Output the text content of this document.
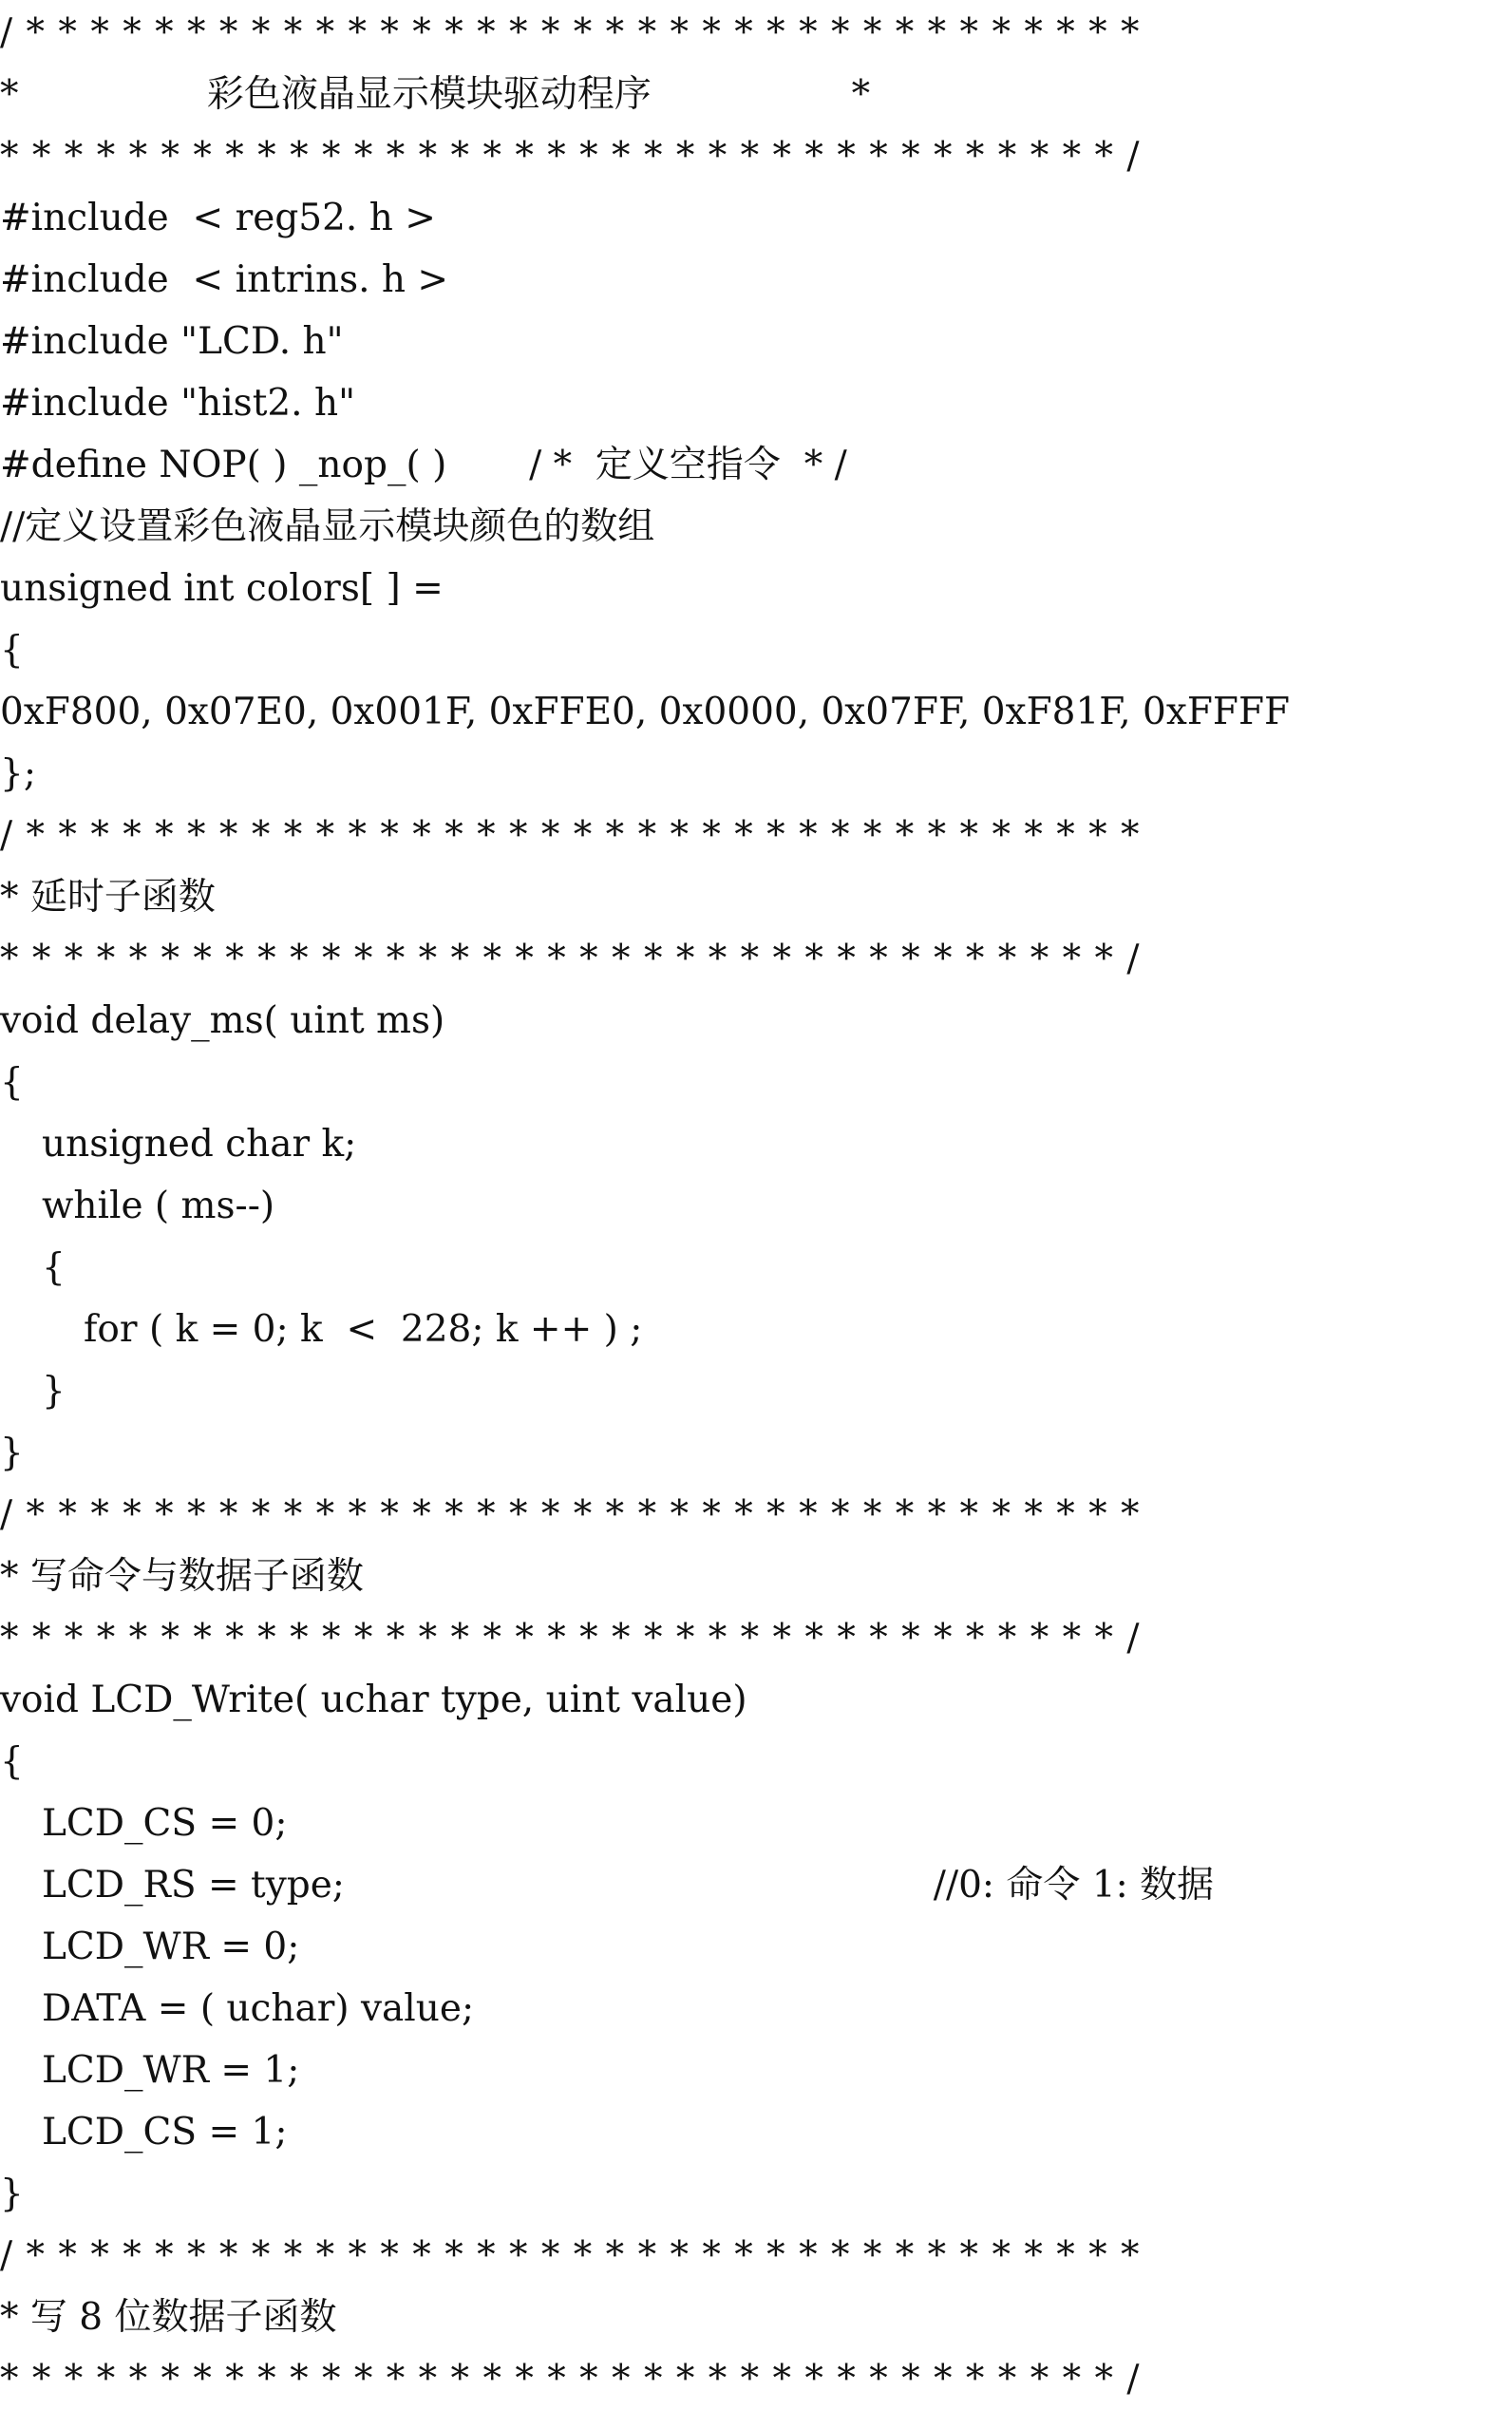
/ * * * * * * * * * * * * * * * * * * * * * * * * * * * * * * * * * * *
*                彩色液晶显示模块驱动程序                 *
* * * * * * * * * * * * * * * * * * * * * * * * * * * * * * * * * * * /
#include  < reg52. h >
#include  < intrins. h >
#include "LCD. h"
#include "hist2. h"
#define NOP( ) _nop_( )       / *  定义空指令  * /
//定义设置彩色液晶显示模块颜色的数组
unsigned int colors[ ] =
{
0xF800, 0x07E0, 0x001F, 0xFFE0, 0x0000, 0x07FF, 0xF81F, 0xFFFF
};
/ * * * * * * * * * * * * * * * * * * * * * * * * * * * * * * * * * * *
* 延时子函数
* * * * * * * * * * * * * * * * * * * * * * * * * * * * * * * * * * * /
void delay_ms( uint ms)
{
unsigned char k;
while ( ms--)
{
for ( k = 0; k  <  228; k ++ ) ;
}
}
/ * * * * * * * * * * * * * * * * * * * * * * * * * * * * * * * * * * *
* 写命令与数据子函数
* * * * * * * * * * * * * * * * * * * * * * * * * * * * * * * * * * * /
void LCD_Write( uchar type, uint value)
{
LCD_CS = 0;
LCD_RS = type;                                                  //0: 命令 1: 数据
LCD_WR = 0;
DATA = ( uchar) value;
LCD_WR = 1;
LCD_CS = 1;
}
/ * * * * * * * * * * * * * * * * * * * * * * * * * * * * * * * * * * *
* 写 8 位数据子函数
* * * * * * * * * * * * * * * * * * * * * * * * * * * * * * * * * * * /
